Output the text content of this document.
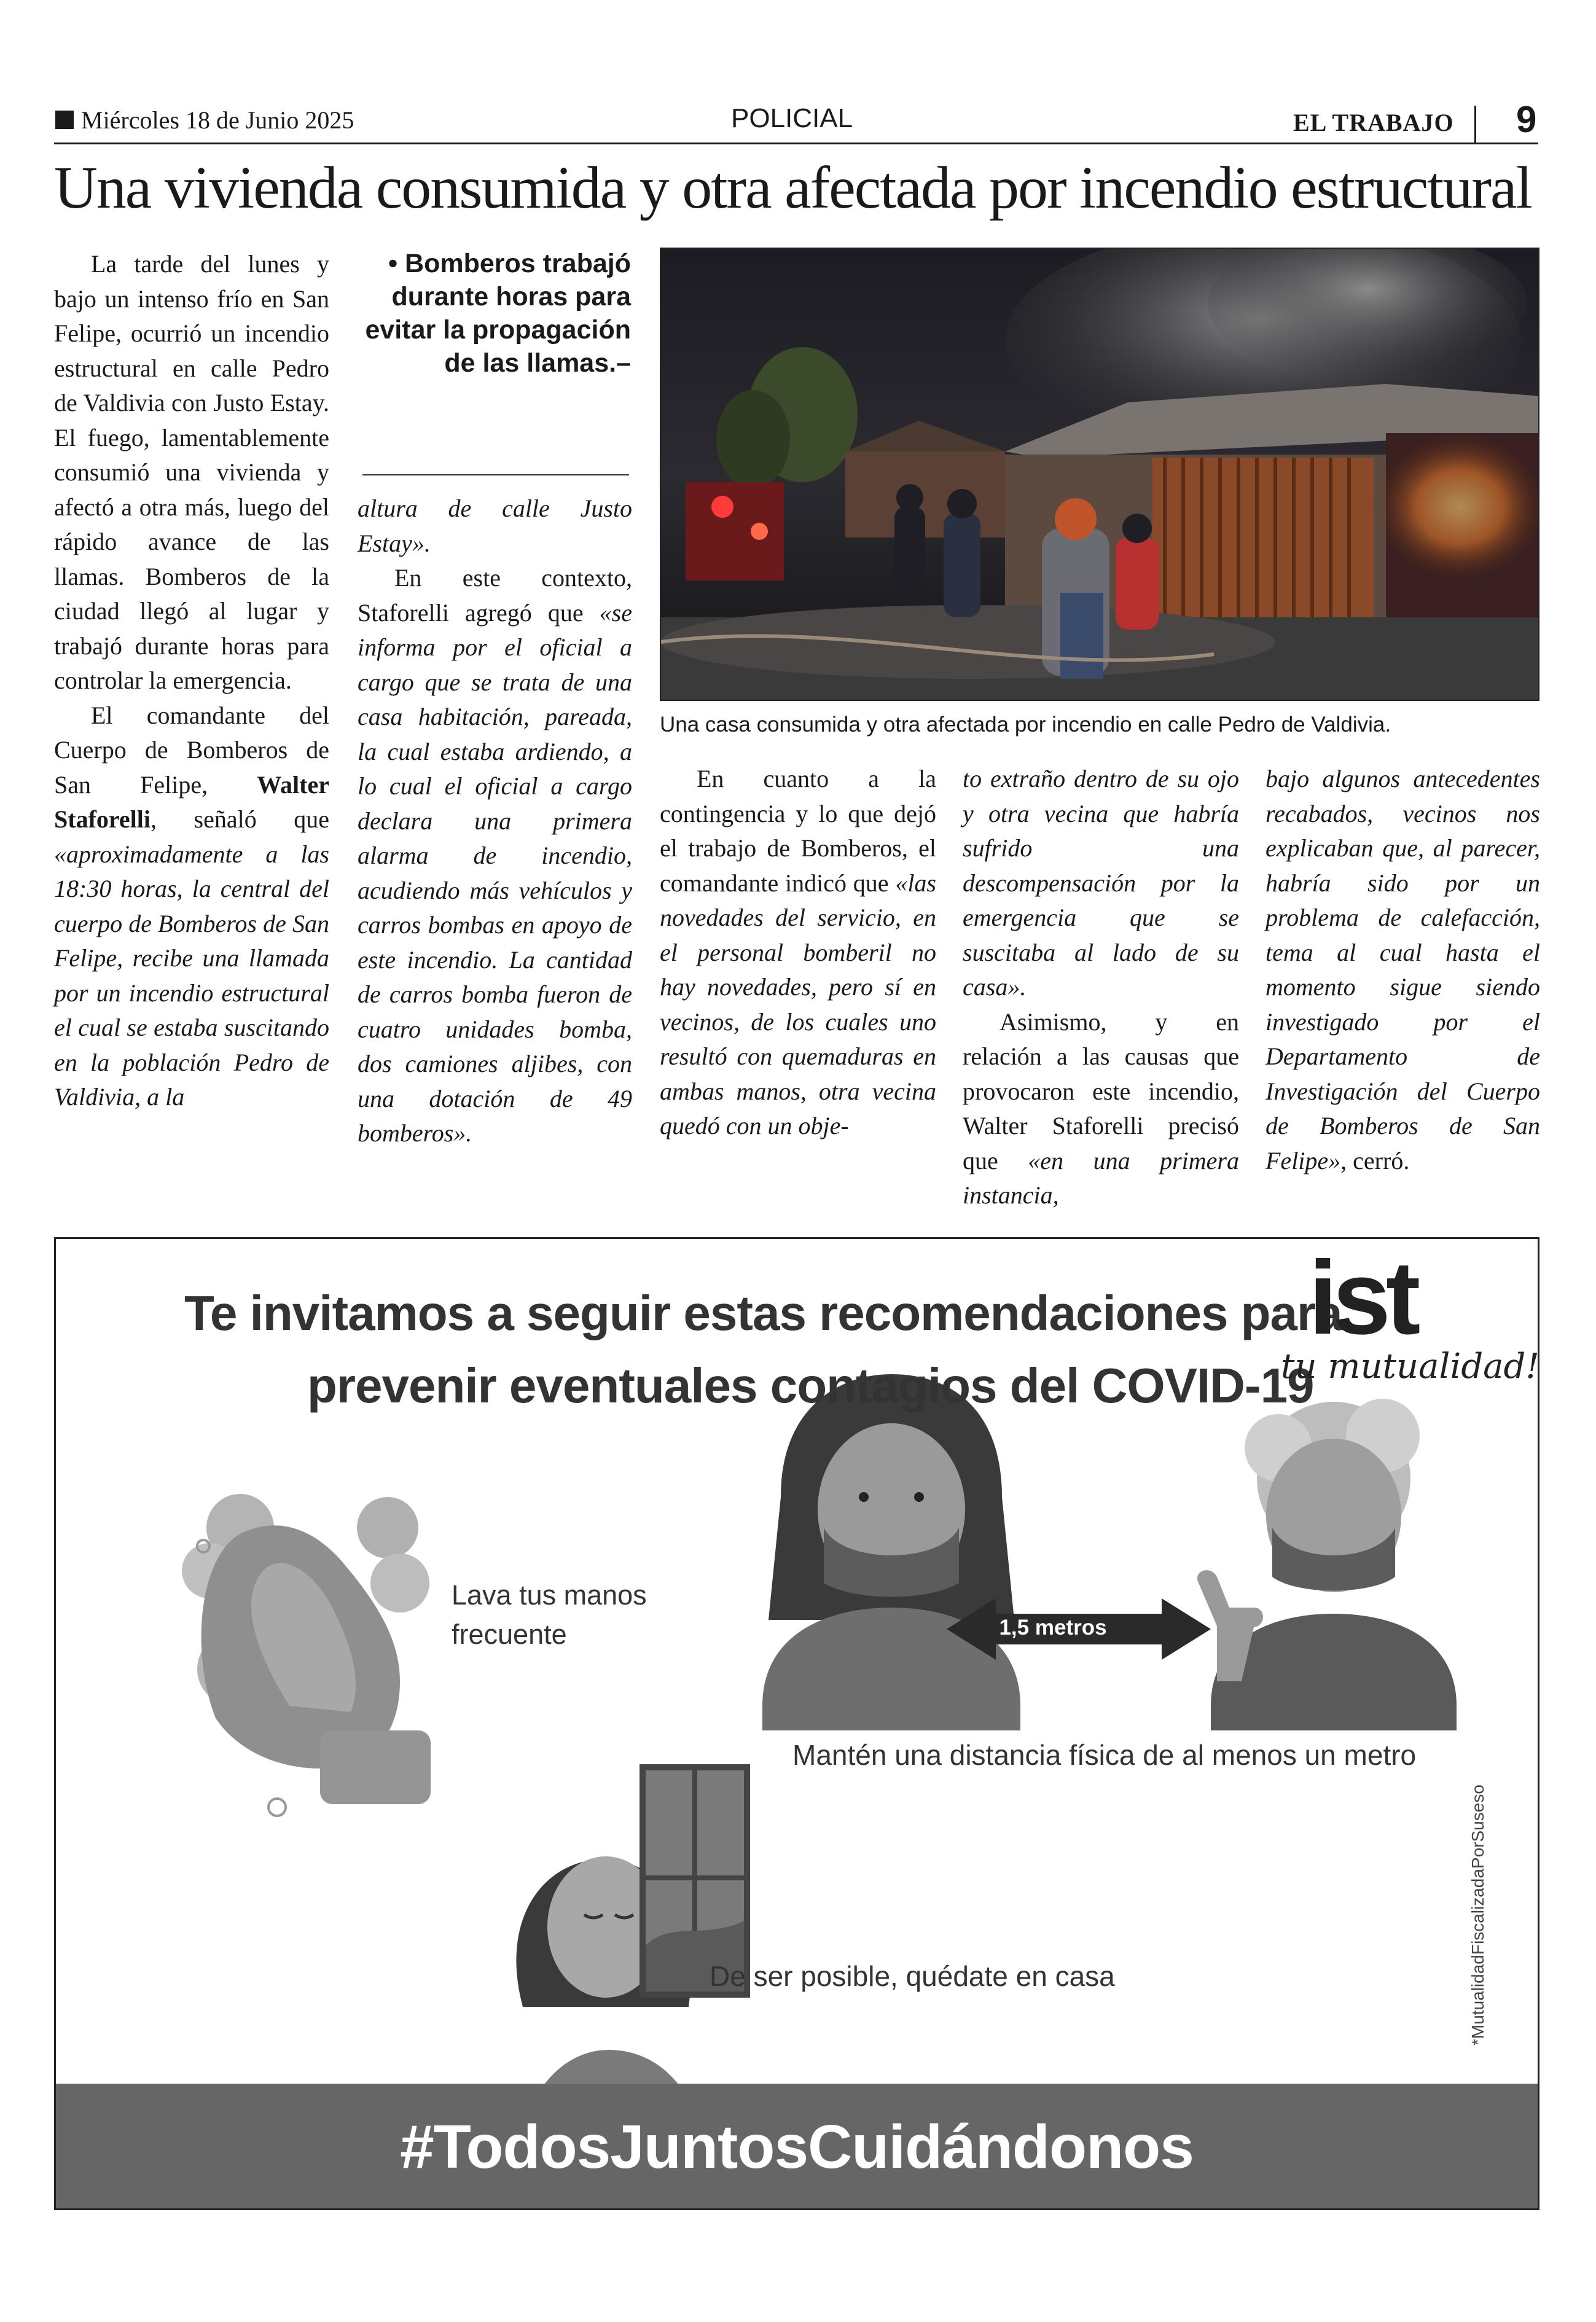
Miércoles 18 de Junio 2025	POLICIAL	EL TRABAJO 9
Una vivienda consumida y otra afectada por incendio estructural

La tarde del lunes y bajo un intenso frío en San Felipe, ocurrió un incendio estructural en calle Pedro de Valdivia con Justo Estay. El fuego, lamentablemente consumió una vivienda y afectó a otra más, luego del rápido avance de las llamas. Bomberos de la ciudad llegó al lugar y trabajó durante horas para controlar la emergencia.

El comandante del Cuerpo de Bomberos de San Felipe, Walter Staforelli, señaló que «aproximadamente a las 18:30 horas, la central del cuerpo de Bomberos de San Felipe, recibe una llamada por un incendio estructural el cual se estaba suscitando en la población Pedro de Valdivia, a la

• Bomberos trabajó durante horas para evitar la propagación de las llamas.–

altura de calle Justo Estay».

En este contexto, Staforelli agregó que «se informa por el oficial a cargo que se trata de una casa habitación, pareada, la cual estaba ardiendo, a lo cual el oficial a cargo declara una primera alarma de incendio, acudiendo más vehículos y carros bombas en apoyo de este incendio. La cantidad de carros bomba fueron de cuatro unidades bomba, dos camiones aljibes, con una dotación de 49 bomberos».

Una casa consumida y otra afectada por incendio en calle Pedro de Valdivia.

En cuanto a la contingencia y lo que dejó el trabajo de Bomberos, el comandante indicó que «las novedades del servicio, en el personal bomberil no hay novedades, pero sí en vecinos, de los cuales uno resultó con quemaduras en ambas manos, otra vecina quedó con un obje-

to extraño dentro de su ojo y otra vecina que habría sufrido una descompensación por la emergencia que se suscitaba al lado de su casa».

Asimismo, y en relación a las causas que provocaron este incendio, Walter Staforelli precisó que «en una primera instancia,

bajo algunos antecedentes recabados, vecinos nos explicaban que, al parecer, habría sido por un problema de calefacción, tema al cual hasta el momento sigue siendo investigado por el Departamento de Investigación del Cuerpo de Bomberos de San Felipe», cerró.

Te invitamos a seguir estas recomendaciones para
prevenir eventuales contagios del COVID-19
ist
tu mutualidad!
Lava tus manos
frecuente	1,5 metros
Mantén una distancia física de al menos un metro
De ser posible, quédate en casa	*MutualidadFiscalizadaPorSuseso
#TodosJuntosCuidándonos
